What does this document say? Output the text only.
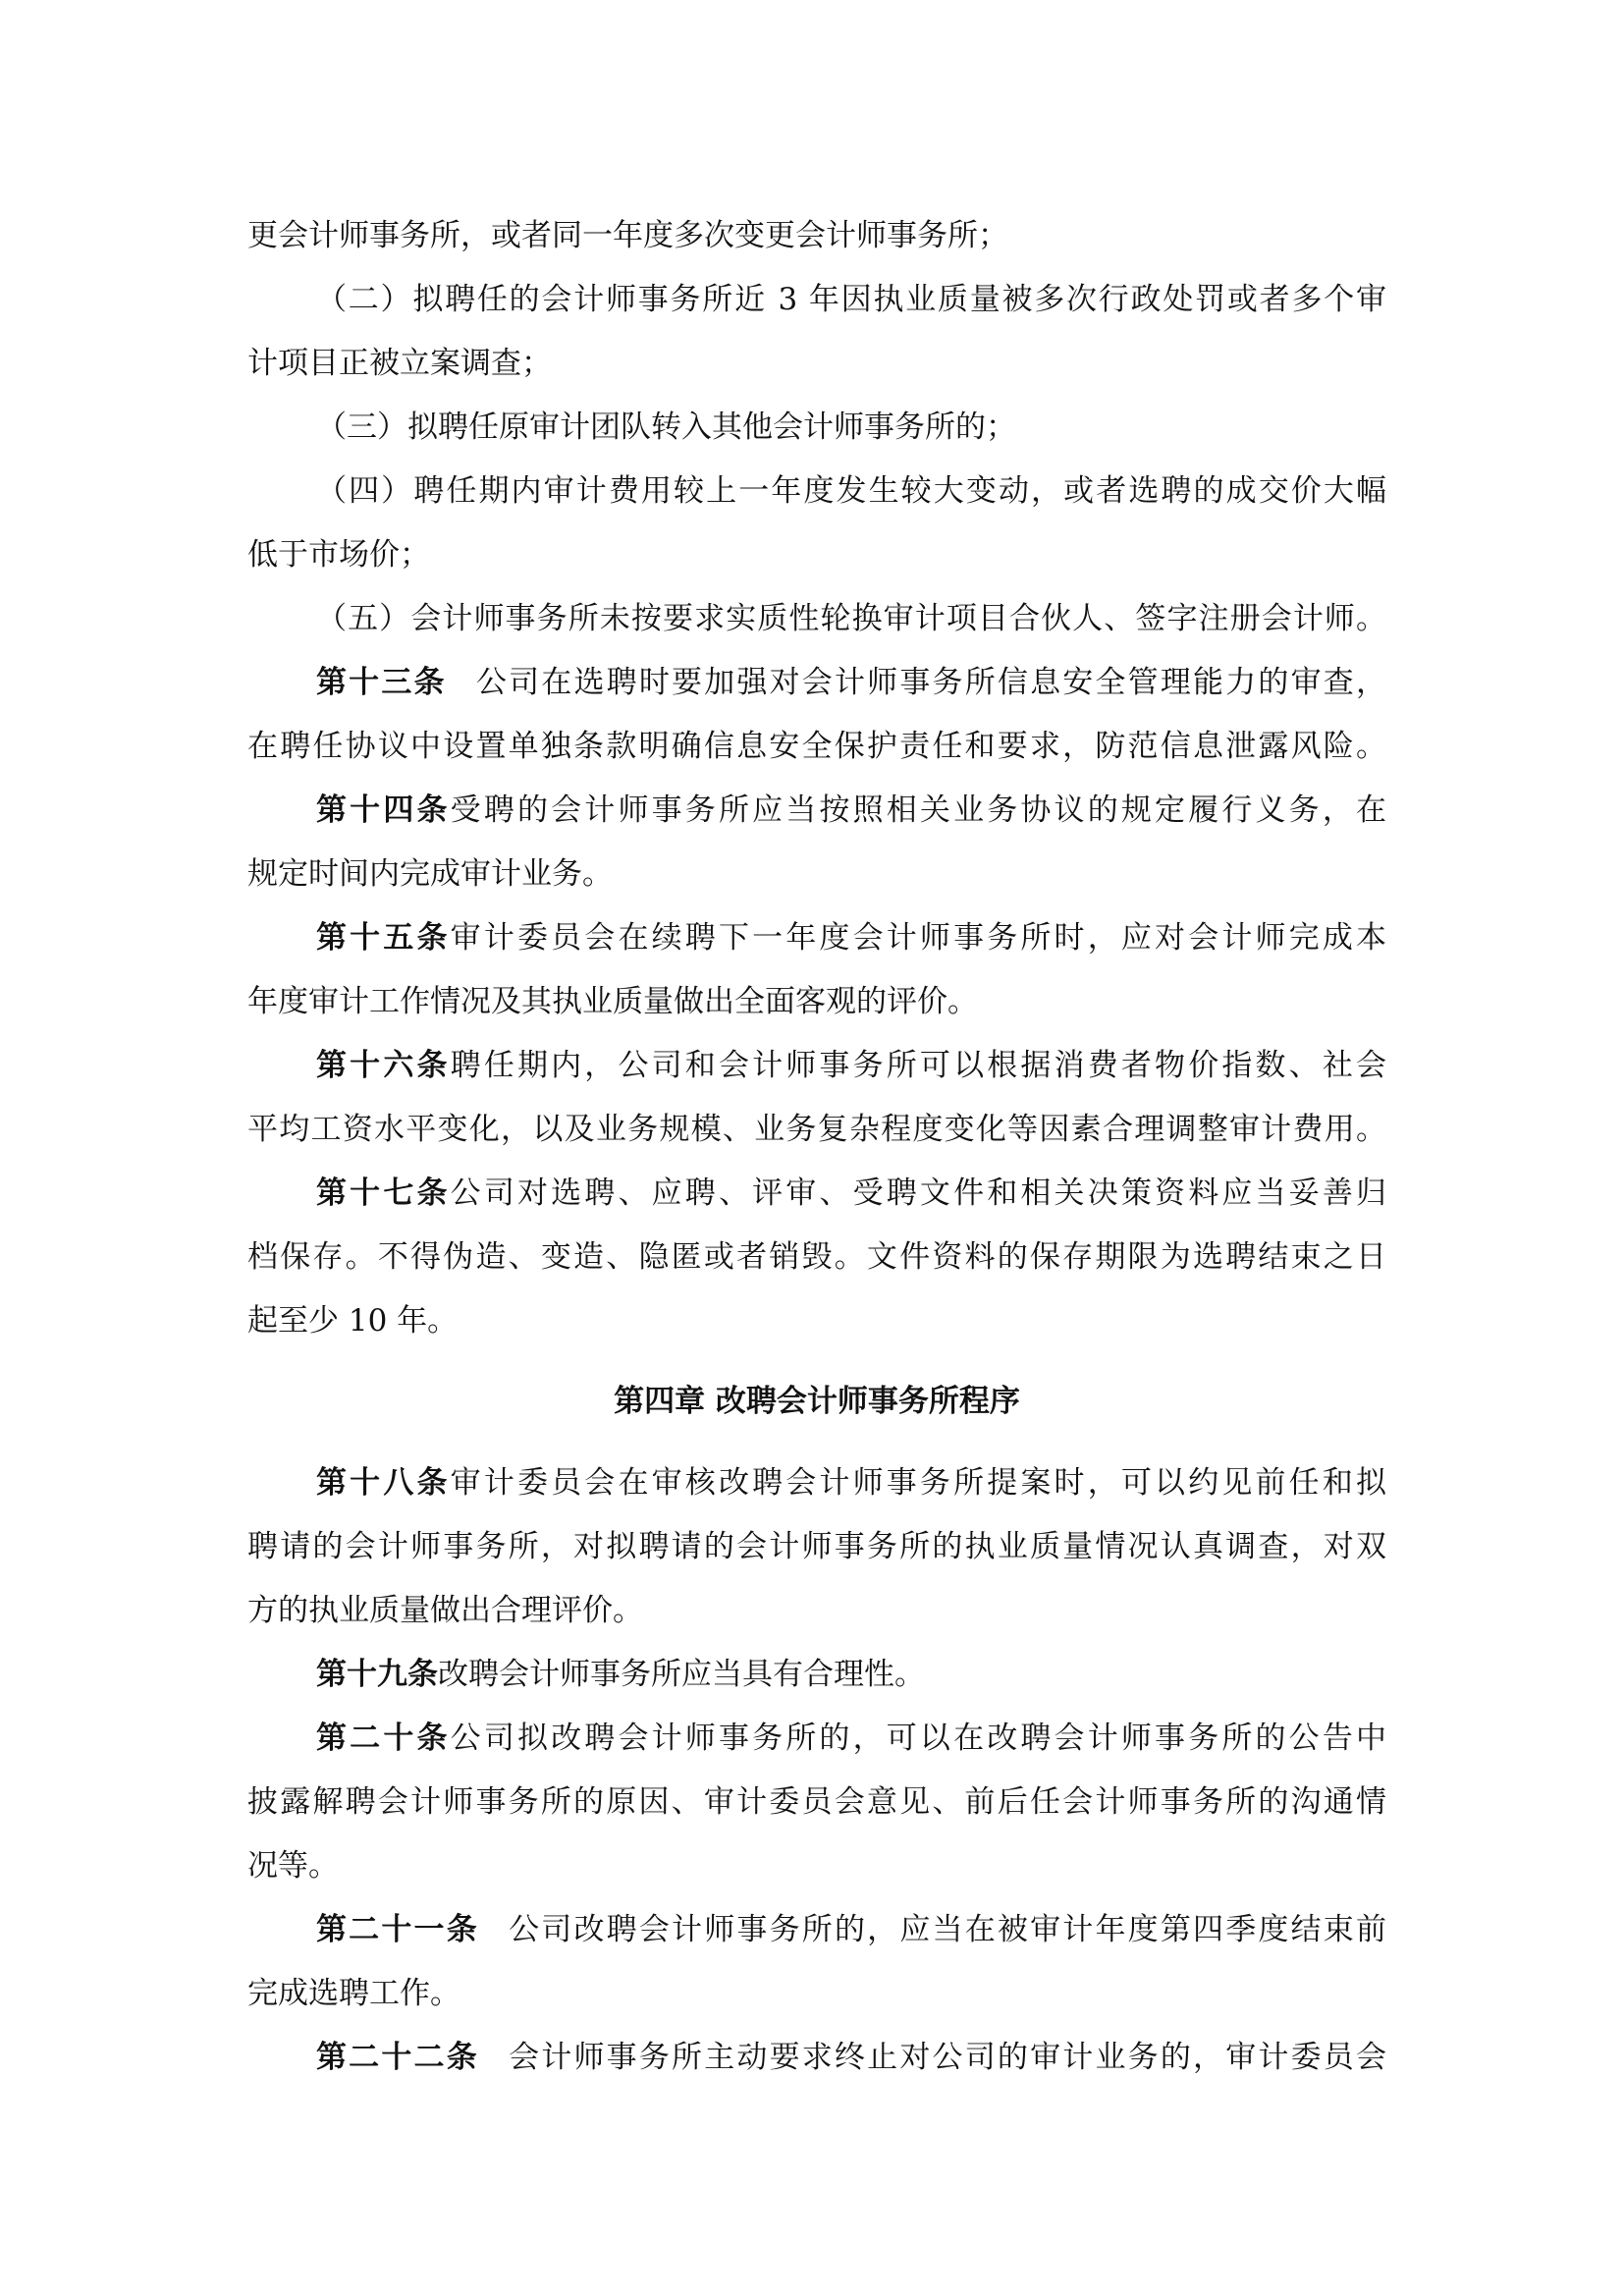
更会计师事务所，或者同一年度多次变更会计师事务所；
（二）拟聘任的会计师事务所近 3 年因执业质量被多次行政处罚或者多个审
计项目正被立案调查；
（三）拟聘任原审计团队转入其他会计师事务所的；
（四）聘任期内审计费用较上一年度发生较大变动，或者选聘的成交价大幅
低于市场价；
（五）会计师事务所未按要求实质性轮换审计项目合伙人、签字注册会计师。
第十三条 公司在选聘时要加强对会计师事务所信息安全管理能力的审查，
在聘任协议中设置单独条款明确信息安全保护责任和要求，防范信息泄露风险。
第十四条受聘的会计师事务所应当按照相关业务协议的规定履行义务，在
规定时间内完成审计业务。
第十五条审计委员会在续聘下一年度会计师事务所时，应对会计师完成本
年度审计工作情况及其执业质量做出全面客观的评价。
第十六条聘任期内，公司和会计师事务所可以根据消费者物价指数、社会
平均工资水平变化，以及业务规模、业务复杂程度变化等因素合理调整审计费用。
第十七条公司对选聘、应聘、评审、受聘文件和相关决策资料应当妥善归
档保存。不得伪造、变造、隐匿或者销毁。文件资料的保存期限为选聘结束之日
起至少 10 年。
第四章 改聘会计师事务所程序
第十八条审计委员会在审核改聘会计师事务所提案时，可以约见前任和拟
聘请的会计师事务所，对拟聘请的会计师事务所的执业质量情况认真调查，对双
方的执业质量做出合理评价。
第十九条改聘会计师事务所应当具有合理性。
第二十条公司拟改聘会计师事务所的，可以在改聘会计师事务所的公告中
披露解聘会计师事务所的原因、审计委员会意见、前后任会计师事务所的沟通情
况等。
第二十一条 公司改聘会计师事务所的，应当在被审计年度第四季度结束前
完成选聘工作。
第二十二条 会计师事务所主动要求终止对公司的审计业务的，审计委员会
